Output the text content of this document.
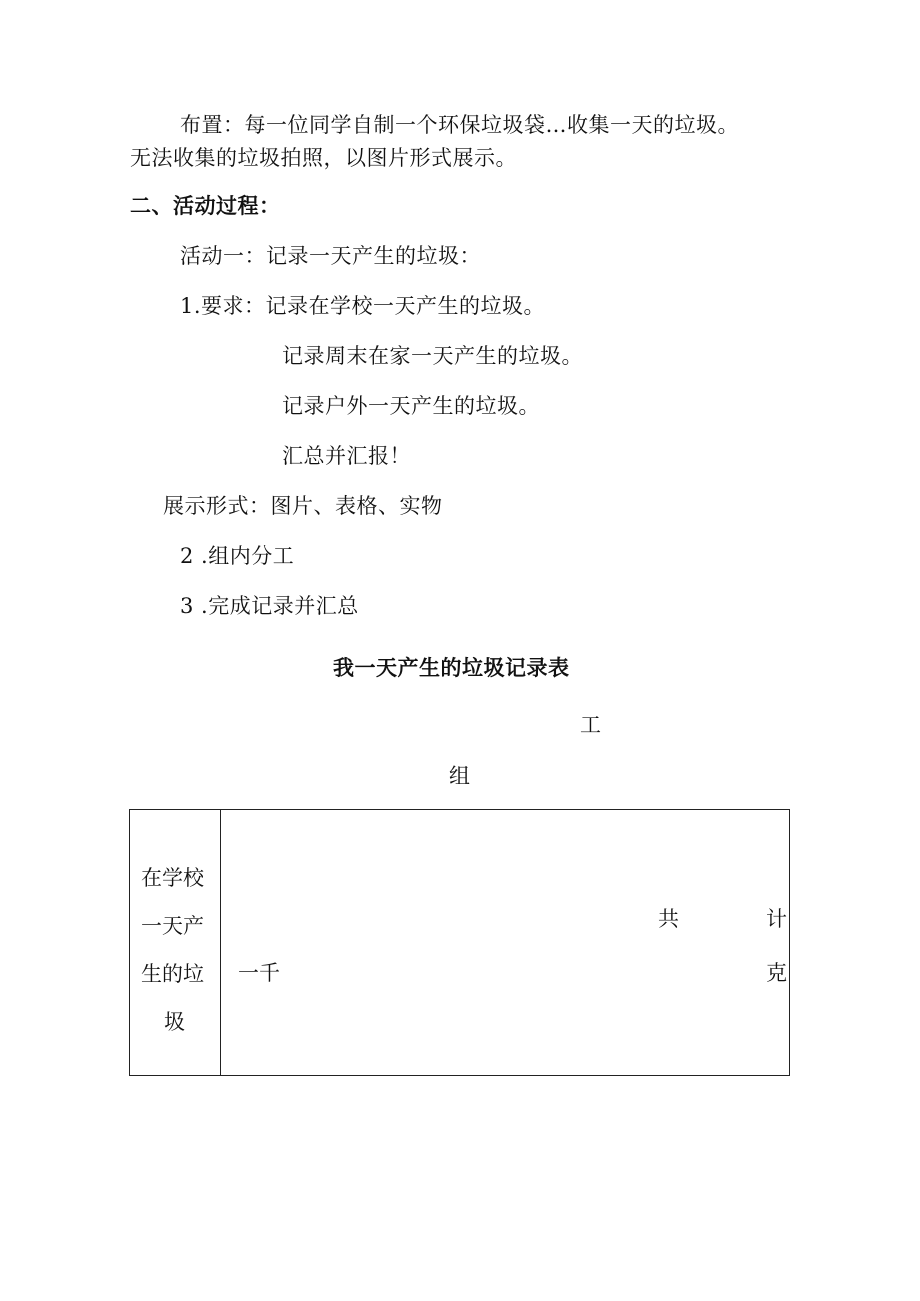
布置：每一位同学自制一个环保垃圾袋…收集一天的垃圾。
无法收集的垃圾拍照，以图片形式展示。
二、活动过程：
活动一：记录一天产生的垃圾：
1.要求：记录在学校一天产生的垃圾。
记录周末在家一天产生的垃圾。
记录户外一天产生的垃圾。
汇总并汇报！
展示形式：图片、表格、实物
2 .组内分工
3 .完成记录并汇总
我一天产生的垃圾记录表
工
组
在学校
一天产
生的垃
圾
一千
共	计
克
